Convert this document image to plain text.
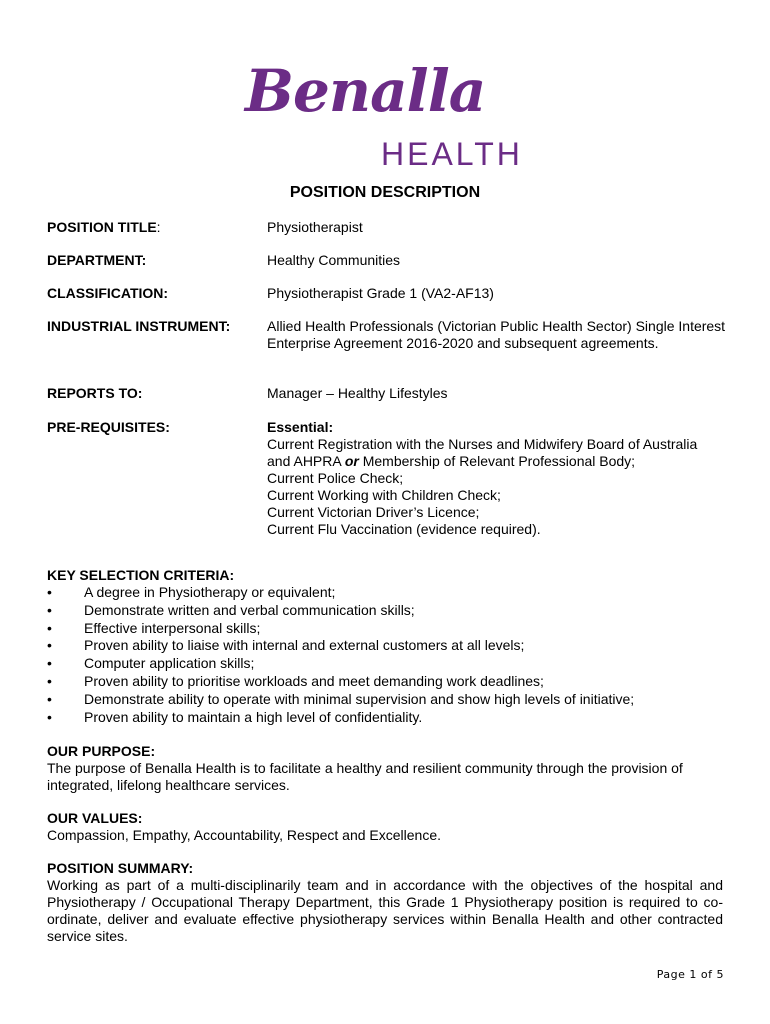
Benalla
HEALTH
POSITION DESCRIPTION
POSITION TITLE:	Physiotherapist
DEPARTMENT:	Healthy Communities
CLASSIFICATION:	Physiotherapist Grade 1 (VA2-AF13)
INDUSTRIAL INSTRUMENT:	Allied Health Professionals (Victorian Public Health Sector) Single Interest Enterprise Agreement 2016-2020 and subsequent agreements.
REPORTS TO:	Manager – Healthy Lifestyles
PRE-REQUISITES:	Essential:
Current Registration with the Nurses and Midwifery Board of Australia and AHPRA or Membership of Relevant Professional Body;
Current Police Check;
Current Working with Children Check;
Current Victorian Driver’s Licence;
Current Flu Vaccination (evidence required).
KEY SELECTION CRITERIA:
• A degree in Physiotherapy or equivalent;
• Demonstrate written and verbal communication skills;
• Effective interpersonal skills;
• Proven ability to liaise with internal and external customers at all levels;
• Computer application skills;
• Proven ability to prioritise workloads and meet demanding work deadlines;
• Demonstrate ability to operate with minimal supervision and show high levels of initiative;
• Proven ability to maintain a high level of confidentiality.
OUR PURPOSE:
The purpose of Benalla Health is to facilitate a healthy and resilient community through the provision of integrated, lifelong healthcare services.
OUR VALUES:
Compassion, Empathy, Accountability, Respect and Excellence.
POSITION SUMMARY:
Working as part of a multi-disciplinarily team and in accordance with the objectives of the hospital and Physiotherapy / Occupational Therapy Department, this Grade 1 Physiotherapy position is required to co-ordinate, deliver and evaluate effective physiotherapy services within Benalla Health and other contracted service sites.
Page 1 of 5
